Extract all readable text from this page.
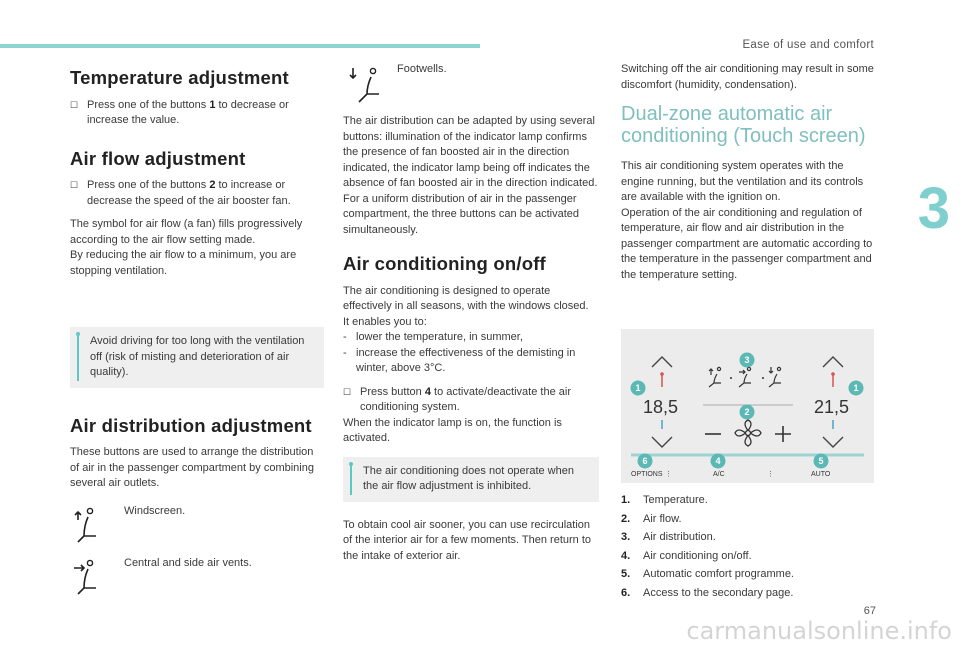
Ease of use and comfort
3
Temperature adjustment
☐ Press one of the buttons 1 to decrease or increase the value.
Air flow adjustment
☐ Press one of the buttons 2 to increase or decrease the speed of the air booster fan.

The symbol for air flow (a fan) fills progressively according to the air flow setting made.

By reducing the air flow to a minimum, you are stopping ventilation.

Avoid driving for too long with the ventilation off (risk of misting and deterioration of air quality).
Air distribution adjustment

These buttons are used to arrange the distribution of air in the passenger compartment by combining several air outlets.

Windscreen.
Central and side air vents.
Footwells.

The air distribution can be adapted by using several buttons: illumination of the indicator lamp confirms the presence of fan boosted air in the direction indicated, the indicator lamp being off indicates the absence of fan boosted air in the direction indicated.

For a uniform distribution of air in the passenger compartment, the three buttons can be activated simultaneously.

Air conditioning on/off

The air conditioning is designed to operate effectively in all seasons, with the windows closed.

It enables you to:

- lower the temperature, in summer,
- increase the effectiveness of the demisting in winter, above 3°C.
☐ Press button 4 to activate/deactivate the air conditioning system.

When the indicator lamp is on, the function is activated.

The air conditioning does not operate when the air flow adjustment is inhibited.

To obtain cool air sooner, you can use recirculation of the interior air for a few moments. Then return to the intake of exterior air.

Switching off the air conditioning may result in some discomfort (humidity, condensation).

Dual-zone automatic air conditioning (Touch screen)

This air conditioning system operates with the engine running, but the ventilation and its controls are available with the ignition on.

Operation of the air conditioning and regulation of temperature, air flow and air distribution in the passenger compartment are automatic according to the temperature in the passenger compartment and the temperature setting.

18,5	21,5
OPTIONS ⋮	A/C	⋮	AUTO
1	1
2
3
4	5
6
1.	Temperature.
2.	Air flow.
3.	Air distribution.
4.	Air conditioning on/off.
5.	Automatic comfort programme.
6.	Access to the secondary page.
67
carmanualsonline.info
